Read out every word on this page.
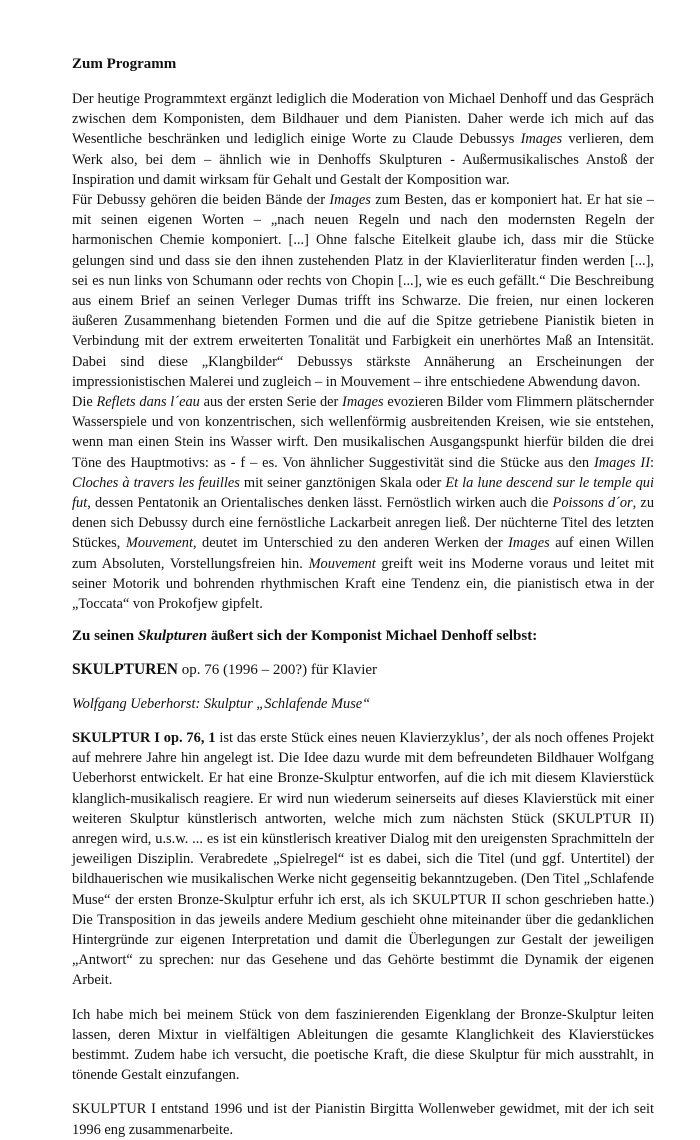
Zum Programm

Der heutige Programmtext ergänzt lediglich die Moderation von Michael Denhoff und das Gespräch zwischen dem Komponisten, dem Bildhauer und dem Pianisten. Daher werde ich mich auf das Wesentliche beschränken und lediglich einige Worte zu Claude Debussys Images verlieren, dem Werk also, bei dem – ähnlich wie in Denhoffs Skulpturen - Außermusikalisches Anstoß der Inspiration und damit wirksam für Gehalt und Gestalt der Komposition war.

Für Debussy gehören die beiden Bände der Images zum Besten, das er komponiert hat. Er hat sie – mit seinen eigenen Worten – „nach neuen Regeln und nach den modernsten Regeln der harmonischen Chemie komponiert. [...] Ohne falsche Eitelkeit glaube ich, dass mir die Stücke gelungen sind und dass sie den ihnen zustehenden Platz in der Klavierliteratur finden werden [...], sei es nun links von Schumann oder rechts von Chopin [...], wie es euch gefällt.“ Die Beschreibung aus einem Brief an seinen Verleger Dumas trifft ins Schwarze. Die freien, nur einen lockeren äußeren Zusammenhang bietenden Formen und die auf die Spitze getriebene Pianistik bieten in Verbindung mit der extrem erweiterten Tonalität und Farbigkeit ein unerhörtes Maß an Intensität. Dabei sind diese „Klangbilder“ Debussys stärkste Annäherung an Erscheinungen der impressionistischen Malerei und zugleich – in Mouvement – ihre entschiedene Abwendung davon.

Die Reflets dans l´eau aus der ersten Serie der Images evozieren Bilder vom Flimmern plätschernder Wasserspiele und von konzentrischen, sich wellenförmig ausbreitenden Kreisen, wie sie entstehen, wenn man einen Stein ins Wasser wirft. Den musikalischen Ausgangspunkt hierfür bilden die drei Töne des Hauptmotivs: as - f – es. Von ähnlicher Suggestivität sind die Stücke aus den Images II: Cloches à travers les feuilles mit seiner ganztönigen Skala oder Et la lune descend sur le temple qui fut, dessen Pentatonik an Orientalisches denken lässt. Fernöstlich wirken auch die Poissons d´or, zu denen sich Debussy durch eine fernöstliche Lackarbeit anregen ließ. Der nüchterne Titel des letzten Stückes, Mouvement, deutet im Unterschied zu den anderen Werken der Images auf einen Willen zum Absoluten, Vorstellungsfreien hin. Mouvement greift weit ins Moderne voraus und leitet mit seiner Motorik und bohrenden rhythmischen Kraft eine Tendenz ein, die pianistisch etwa in der „Toccata“ von Prokofjew gipfelt.

Zu seinen Skulpturen äußert sich der Komponist Michael Denhoff selbst:

SKULPTUREN op. 76 (1996 – 200?) für Klavier

Wolfgang Ueberhorst: Skulptur „Schlafende Muse“

SKULPTUR I op. 76, 1 ist das erste Stück eines neuen Klavierzyklus’, der als noch offenes Projekt auf mehrere Jahre hin angelegt ist. Die Idee dazu wurde mit dem befreundeten Bildhauer Wolfgang Ueberhorst entwickelt. Er hat eine Bronze-Skulptur entworfen, auf die ich mit diesem Klavierstück klanglich-musikalisch reagiere. Er wird nun wiederum seinerseits auf dieses Klavierstück mit einer weiteren Skulptur künstlerisch antworten, welche mich zum nächsten Stück (SKULPTUR II) anregen wird, u.s.w. ... es ist ein künstlerisch kreativer Dialog mit den ureigensten Sprachmitteln der jeweiligen Disziplin. Verabredete „Spielregel“ ist es dabei, sich die Titel (und ggf. Untertitel) der bildhauerischen wie musikalischen Werke nicht gegenseitig bekanntzugeben. (Den Titel „Schlafende Muse“ der ersten Bronze-Skulptur erfuhr ich erst, als ich SKULPTUR II schon geschrieben hatte.) Die Transposition in das jeweils andere Medium geschieht ohne miteinander über die gedanklichen Hintergründe zur eigenen Interpretation und damit die Überlegungen zur Gestalt der jeweiligen „Antwort“ zu sprechen: nur das Gesehene und das Gehörte bestimmt die Dynamik der eigenen Arbeit.

Ich habe mich bei meinem Stück von dem faszinierenden Eigenklang der Bronze-Skulptur leiten lassen, deren Mixtur in vielfältigen Ableitungen die gesamte Klanglichkeit des Klavierstückes bestimmt. Zudem habe ich versucht, die poetische Kraft, die diese Skulptur für mich ausstrahlt, in tönende Gestalt einzufangen.

SKULPTUR I entstand 1996 und ist der Pianistin Birgitta Wollenweber gewidmet, mit der ich seit 1996 eng zusammenarbeite.
